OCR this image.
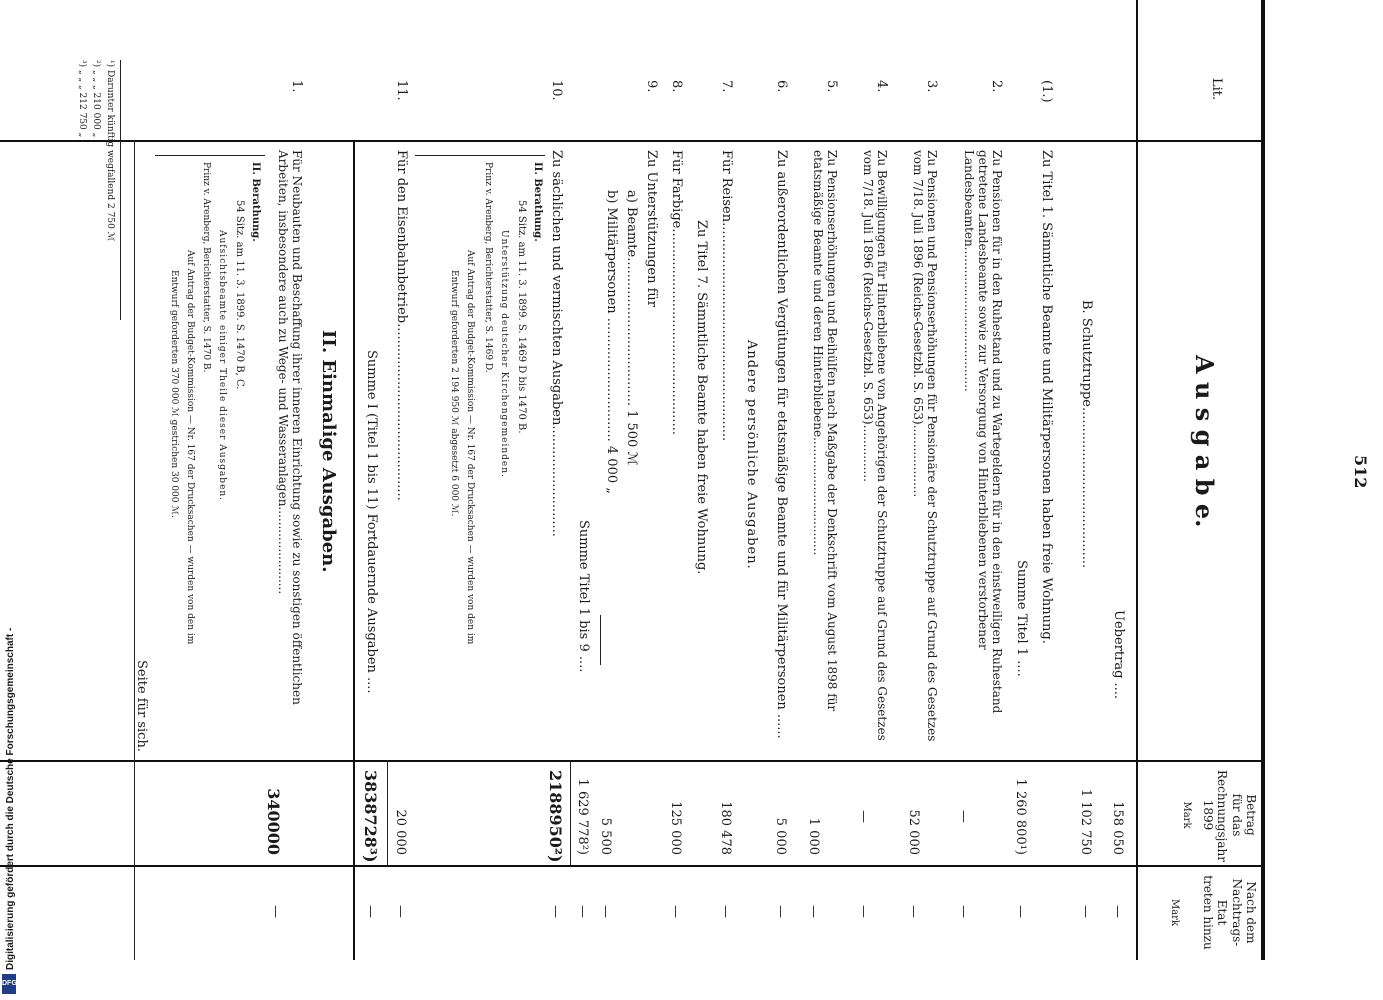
512
Lit.
A u s g a b e.
Betrag
für das
Rechnungsjahr
1899
Mark
Nach dem
Nachtrags-Etat
treten hinzu
Mark
Uebertrag ....
158 050
—
B. Schutztruppe.......................................
1 102 750
—
(1.)
Zu Titel 1. Sämmtliche Beamte und Militärpersonen haben freie Wohnung.
Summe Titel 1 ....
1 260 800¹)
—
2.
Zu Pensionen für in den Ruhestand und zu Wartegeldern für in den einstweiligen Ruhestand getretene Landesbeamte sowie zur Versorgung von Hinterbliebenen verstorbener Landesbeamten......................................
—
—
3.
Zu Pensionen und Pensionserhöhungen für Pensionäre der Schutztruppe auf Grund des Gesetzes vom 7/18. Juli 1896 (Reichs-Gesetzbl. S. 653)...................
52 000
—
4.
Zu Bewilligungen für Hinterbliebene von Angehörigen der Schutztruppe auf Grund des Gesetzes vom 7/18. Juli 1896 (Reichs-Gesetzbl. S. 653)...............
—
—
5.
Zu Pensionserhöhungen und Beihülfen nach Maßgabe der Denkschrift vom August 1898 für etatsmäßige Beamte und deren Hinterbliebene...............................
1 000
—
6.
Zu außerordentlichen Vergütungen für etatsmäßige Beamte und für Militärpersonen ......
5 000
—
Andere persönliche Ausgaben.
7.
Für Reisen.....................................................
180 478
—
Zu Titel 7. Sämmtliche Beamte haben freie Wohnung.
8.
Für Farbige..................................................
125 000
—
9.
Zu Unterstützungen für
a) Beamte.................................... 1 500 ℳ
b) Militärpersonen .............................. 4 000 „
5 500
—
Summe Titel 1 bis 9 ....
1 629 778²)
—
10.
Zu sächlichen und vermischten Ausgaben...........................
2188950²)
—
II. Berathung.
54 Sitz. am 11. 3. 1899. S. 1469 D bis 1470 B.
Unterstützung deutscher Kirchengemeinden.
Prinz v. Arenberg, Berichterstatter, S. 1469 D.
Auf Antrag der Budget-Kommission — Nr. 167 der Drucksachen — wurden von den im
Entwurf geforderten 2 194 950 ℳ abgesetzt 6 000 ℳ.
11.
Für den Eisenbahnbetrieb...........................................
20 000
—
Summe I (Titel 1 bis 11) Fortdauernde Ausgaben ....
3838728³)
—
II. Einmalige Ausgaben.
1.
Für Neubauten und Beschaffung ihrer inneren Einrichtung sowie zu sonstigen öffentlichen Arbeiten, insbesondere auch zu Wege- und Wasseranlagen.......................
340000
—
II. Berathung.
54 Sitz. am 11. 3. 1899. S. 1470 B, C.
Aufsichtsbeamte einiger Theile dieser Ausgaben.
Prinz v. Arenberg, Berichterstatter, S. 1470 B.
Auf Antrag der Budget-Kommission — Nr. 167 der Drucksachen — wurden von den im
Entwurf geforderten 370 000 ℳ gestrichen 30 000 ℳ.
Seite für sich.
¹) Darunter künftig wegfallend 2 750 ℳ
²) „ „ „ 210 000 „
³) „ „ „ 212 750 „
Digitalisierung gefördert durch die Deutsche Forschungsgemeinschaft -
DFG
